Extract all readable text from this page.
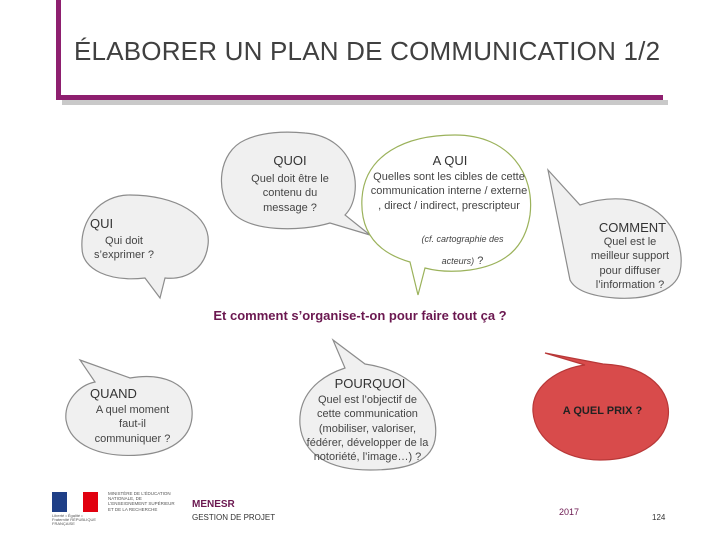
ÉLABORER UN PLAN DE COMMUNICATION 1/2
QUOI
Quel doit être le contenu du message ?
QUI
Qui doit s’exprimer ?
A QUI
Quelles sont les cibles de cette communication interne / externe , direct / indirect, prescripteur
(cf. cartographie des acteurs) ?
COMMENT
Quel est le meilleur support pour diffuser l’information ?
Et comment s’organise-t-on pour faire tout ça ?
QUAND
A quel moment faut-il communiquer ?
POURQUOI
Quel est l’objectif de cette communication (mobiliser, valoriser, fédérer, développer de la notoriété, l’image…) ?
A QUEL PRIX ?
Liberté • Égalité • Fraternité RÉPUBLIQUE FRANÇAISE
MINISTÈRE DE L’ÉDUCATION NATIONALE, DE L’ENSEIGNEMENT SUPÉRIEUR ET DE LA RECHERCHE	MENESR
GESTION DE PROJET
2017
124
